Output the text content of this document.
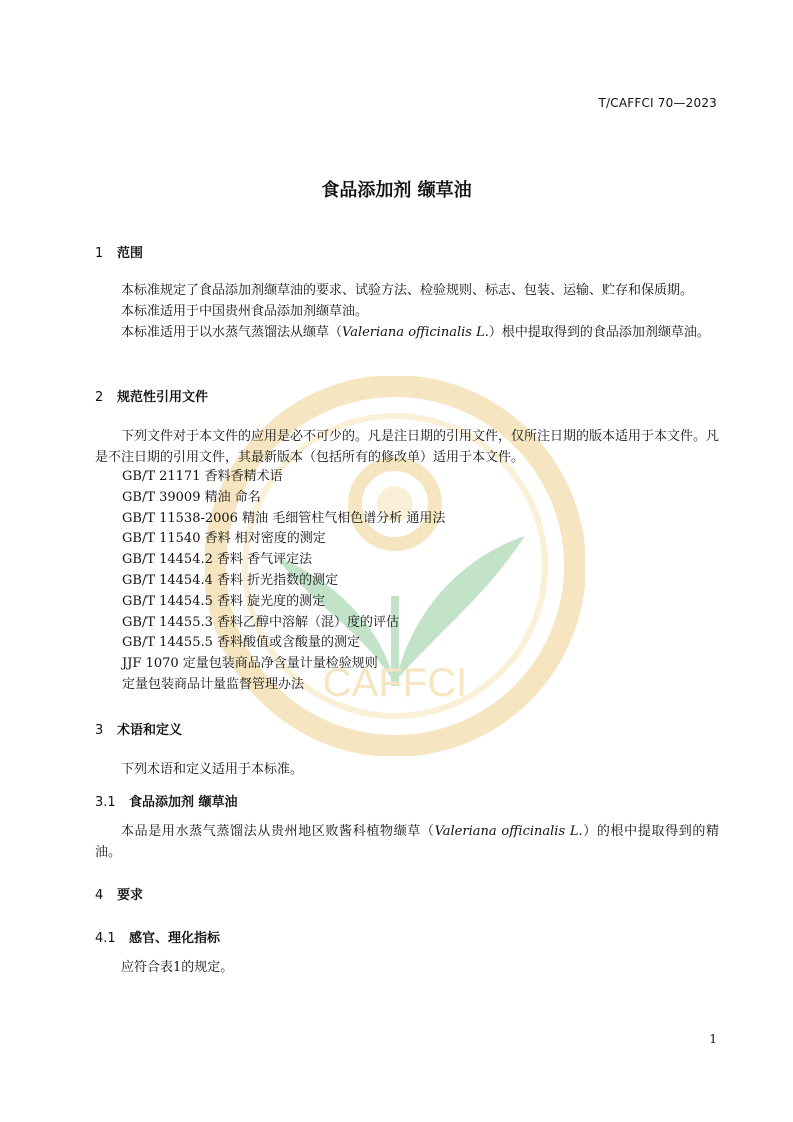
CAFFCI
T/CAFFCI 70—2023
食品添加剂 缬草油
1 范围
本标准规定了食品添加剂缬草油的要求、试验方法、检验规则、标志、包装、运输、贮存和保质期。
本标准适用于中国贵州食品添加剂缬草油。
本标准适用于以水蒸气蒸馏法从缬草（Valeriana officinalis L.）根中提取得到的食品添加剂缬草油。
2 规范性引用文件
下列文件对于本文件的应用是必不可少的。凡是注日期的引用文件，仅所注日期的版本适用于本文件。凡是不注日期的引用文件，其最新版本（包括所有的修改单）适用于本文件。
GB/T 21171 香料香精术语
GB/T 39009 精油 命名
GB/T 11538-2006 精油 毛细管柱气相色谱分析 通用法
GB/T 11540 香料 相对密度的测定
GB/T 14454.2 香料 香气评定法
GB/T 14454.4 香料 折光指数的测定
GB/T 14454.5 香料 旋光度的测定
GB/T 14455.3 香料乙醇中溶解（混）度的评估
GB/T 14455.5 香料酸值或含酸量的测定
JJF 1070 定量包装商品净含量计量检验规则
定量包装商品计量监督管理办法
3 术语和定义
下列术语和定义适用于本标准。
3.1 食品添加剂 缬草油
本品是用水蒸气蒸馏法从贵州地区败酱科植物缬草（Valeriana officinalis L.）的根中提取得到的精油。
4 要求
4.1 感官、理化指标
应符合表1的规定。
1
